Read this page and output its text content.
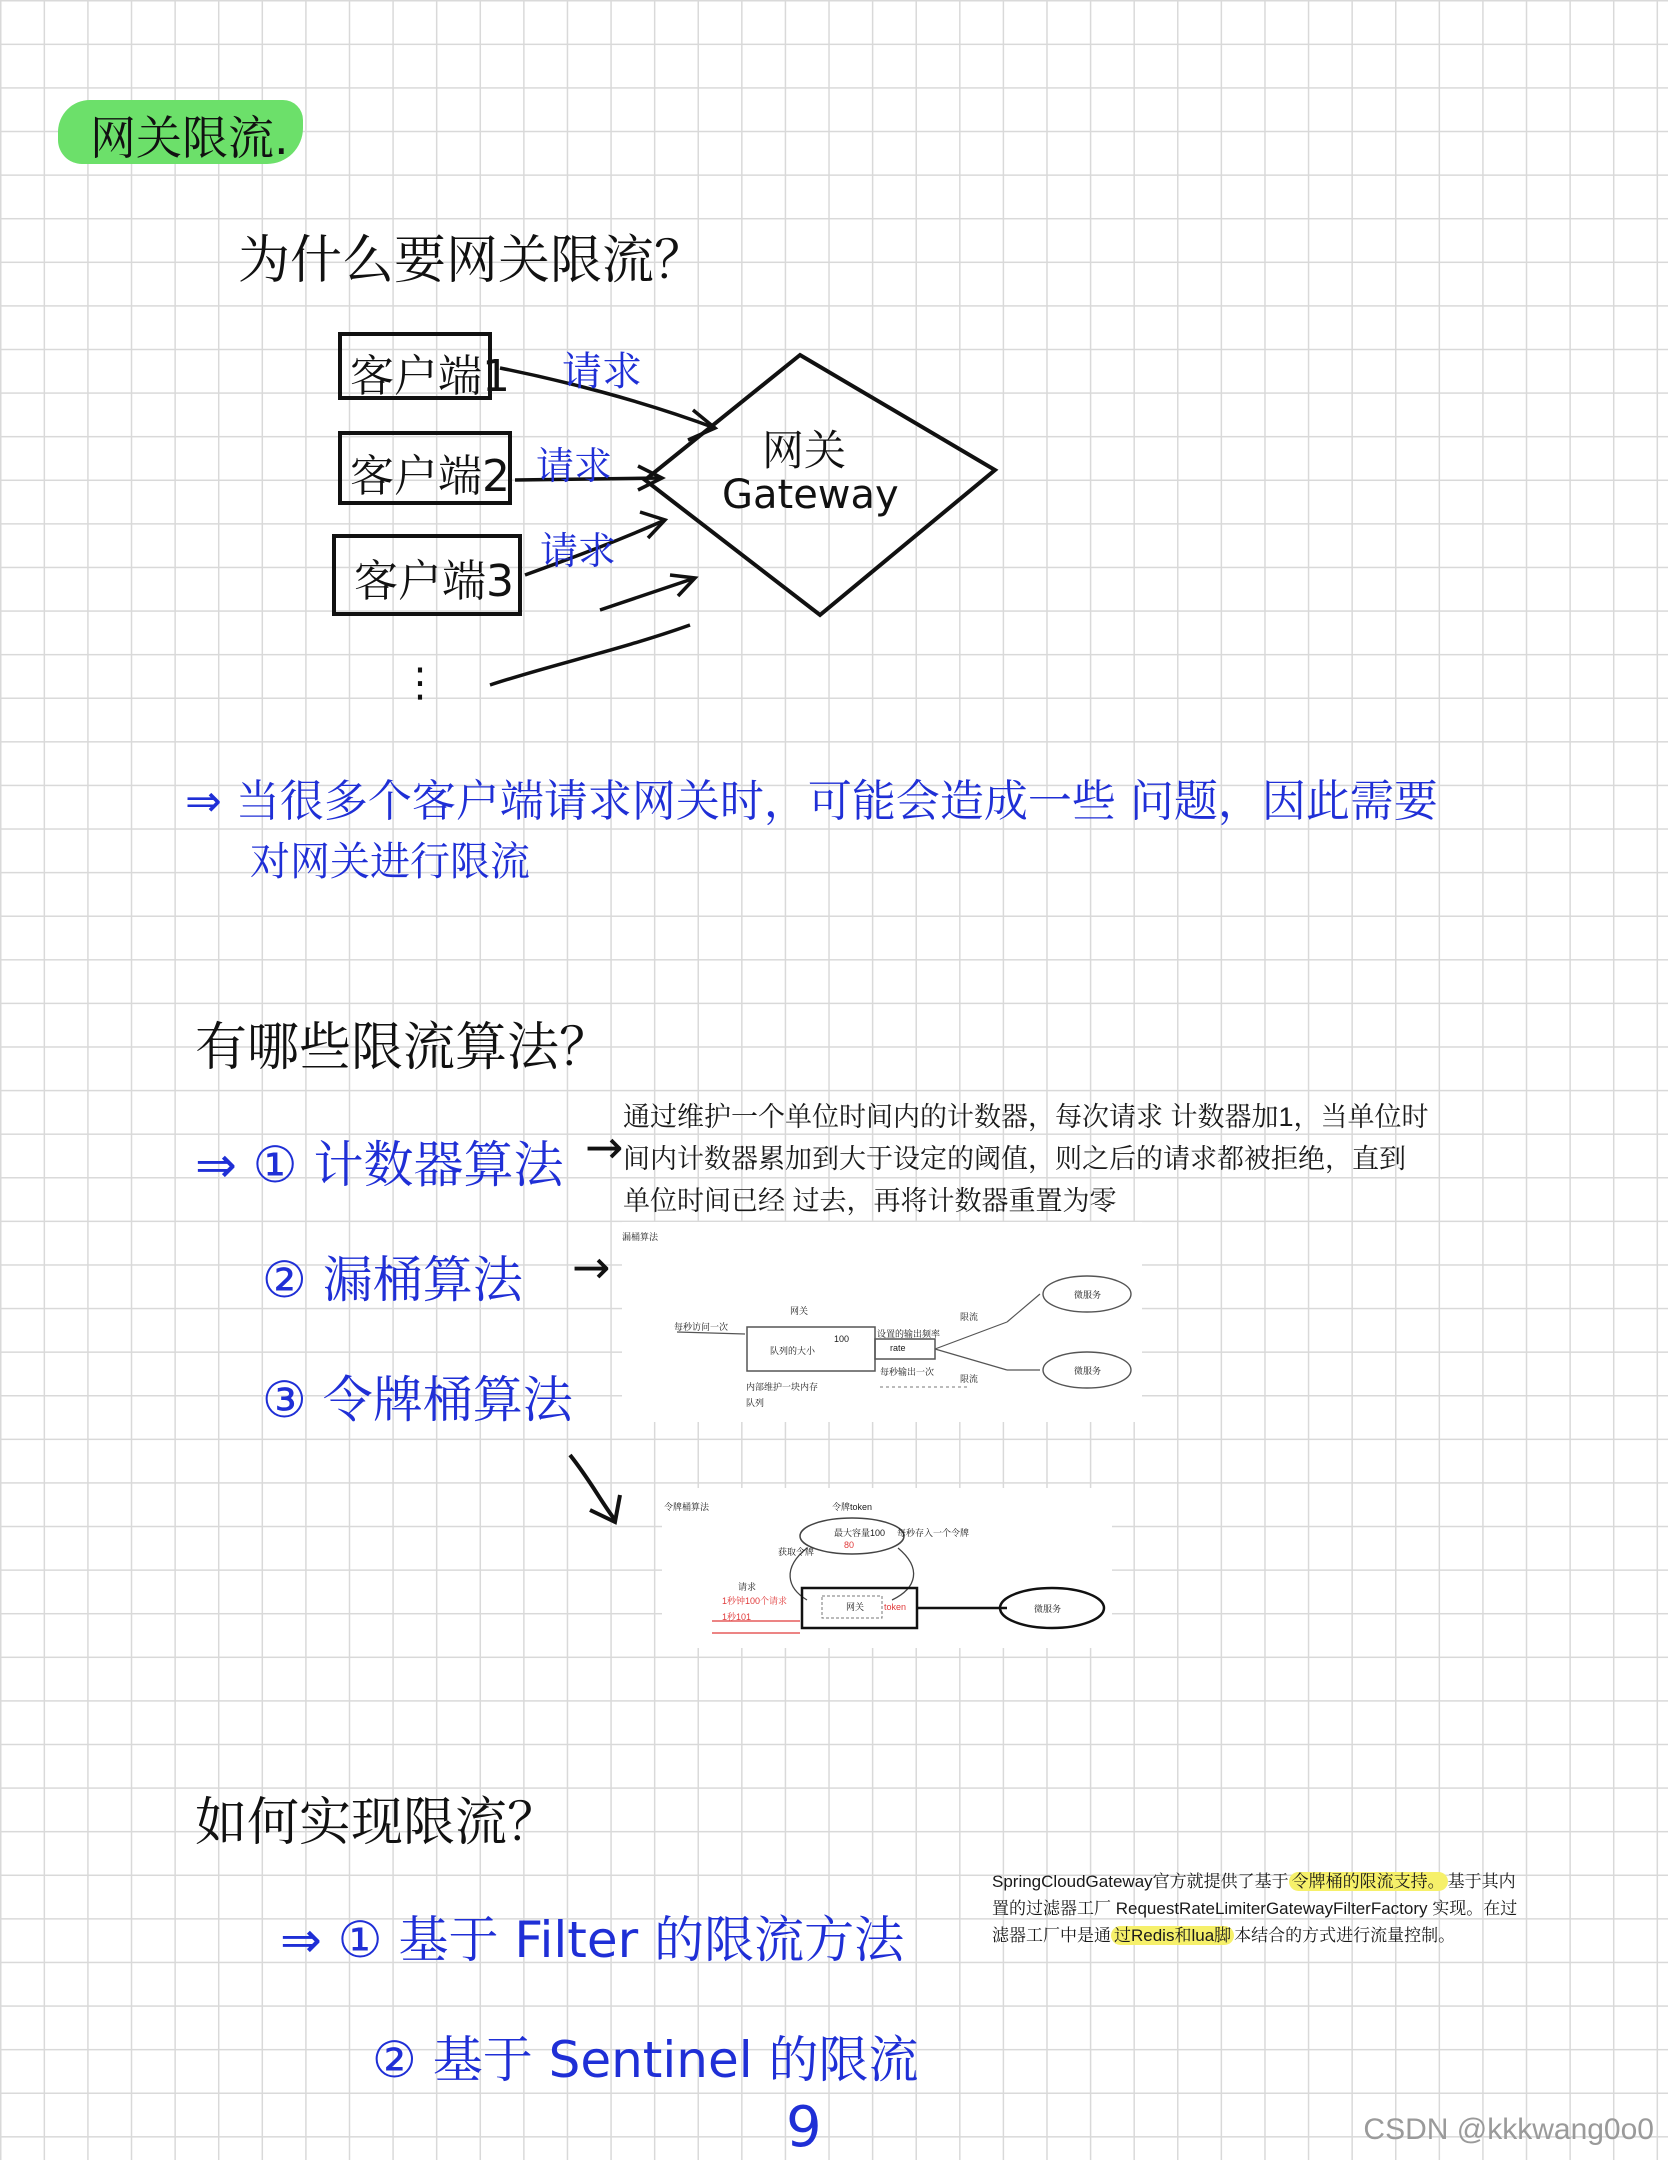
网关限流.
为什么要网关限流？
客户端1
客户端2
客户端3
请求
请求
请求
⋮
网关
Gateway
⇒ 当很多个客户端请求网关时，可能会造成一些 问题，因此需要
对网关进行限流
有哪些限流算法？
⇒ ① 计数器算法 →
② 漏桶算法 →
③ 令牌桶算法
通过维护一个单位时间内的计数器，每次请求 计数器加1，当单位时
间内计数器累加到大于设定的阈值，则之后的请求都被拒绝，直到
单位时间已经 过去，再将计数器重置为零
漏桶算法
网关
每秒访问一次
队列的大小
100	设置的输出频率
rate
每秒输出一次
内部维护一块内存
队列
限流
限流
微服务
微服务
令牌桶算法	令牌token
最大容量100
80
每秒存入一个令牌
获取令牌
请求
1秒钟100个请求
1秒101
网关 token	微服务
如何实现限流？
⇒ ① 基于 Filter 的限流方法
② 基于 Sentinel 的限流
SpringCloudGateway官方就提供了基于 令牌桶的限流支持。 基于其内
置的过滤器工厂 RequestRateLimiterGatewayFilterFactory 实现。在过
滤器工厂中是通 过Redis和lua脚 本结合的方式进行流量控制。
9	CSDN @kkkwang0o0
